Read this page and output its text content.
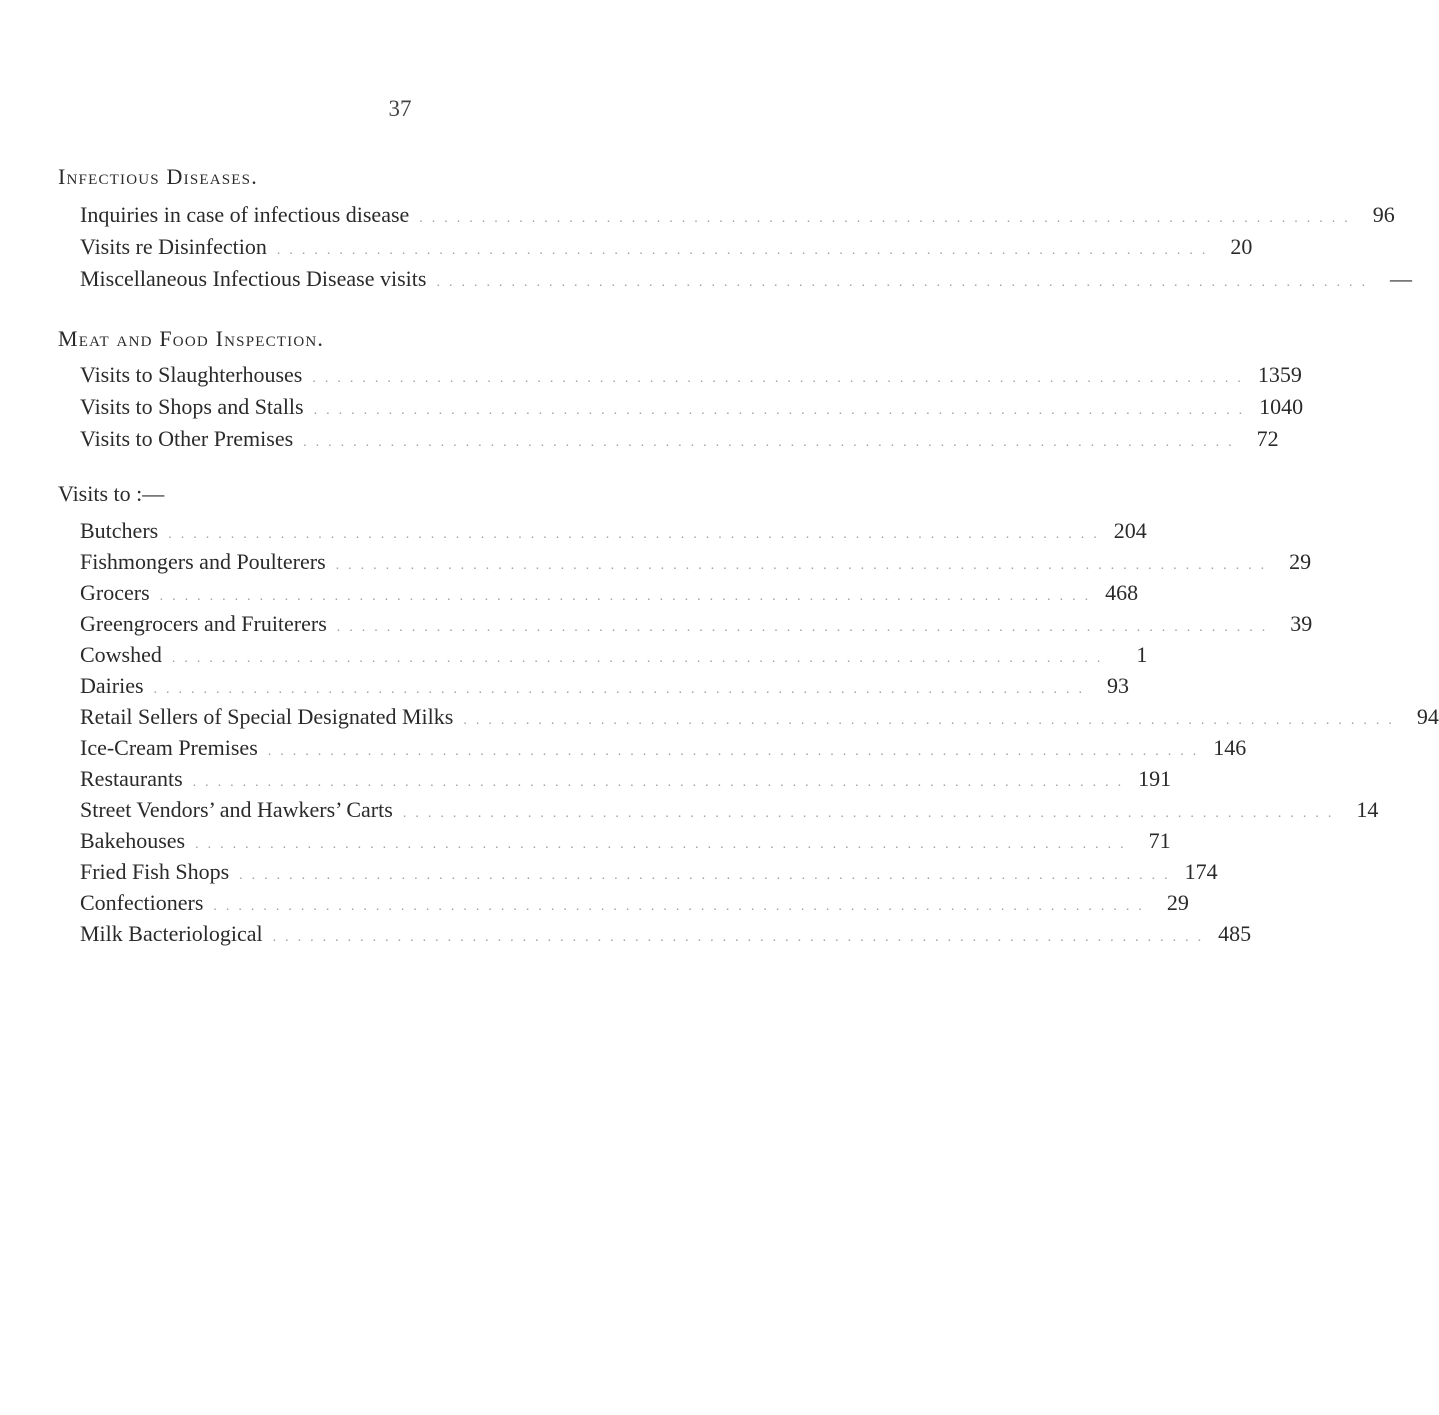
37
Infectious Diseases.
Inquiries in case of infectious disease ........................................................................... 96
Visits re Disinfection ........................................................................... 20
Miscellaneous Infectious Disease visits ........................................................................... —
Meat and Food Inspection.
Visits to Slaughterhouses ........................................................................... 1359
Visits to Shops and Stalls ........................................................................... 1040
Visits to Other Premises ........................................................................... 72
Visits to :—
Butchers ........................................................................... 204
Fishmongers and Poulterers ........................................................................... 29
Grocers ........................................................................... 468
Greengrocers and Fruiterers ........................................................................... 39
Cowshed ...........................................................................	1
Dairies ........................................................................... 93
Retail Sellers of Special Designated Milks ........................................................................... 94
Ice-Cream Premises ........................................................................... 146
Restaurants ........................................................................... 191
Street Vendors’ and Hawkers’ Carts ........................................................................... 14
Bakehouses ........................................................................... 71
Fried Fish Shops ........................................................................... 174
Confectioners ........................................................................... 29
Milk Bacteriological ........................................................................... 485
